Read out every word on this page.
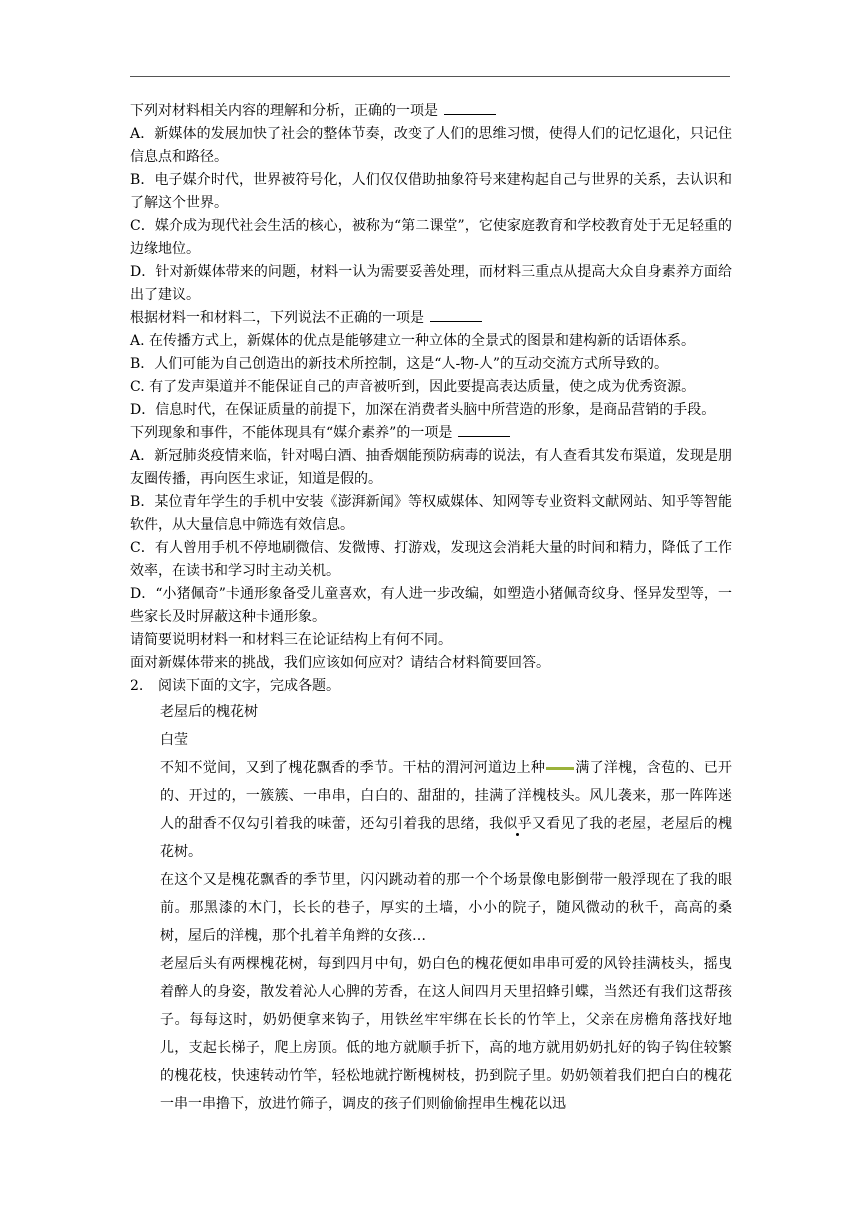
下列对材料相关内容的理解和分析，正确的一项是

A．新媒体的发展加快了社会的整体节奏，改变了人们的思维习惯，使得人们的记忆退化，只记住信息点和路径。

B．电子媒介时代，世界被符号化，人们仅仅借助抽象符号来建构起自己与世界的关系，去认识和了解这个世界。

C．媒介成为现代社会生活的核心，被称为“第二课堂”，它使家庭教育和学校教育处于无足轻重的边缘地位。

D．针对新媒体带来的问题，材料一认为需要妥善处理，而材料三重点从提高大众自身素养方面给出了建议。

根据材料一和材料二，下列说法不正确的一项是

A. 在传播方式上，新媒体的优点是能够建立一种立体的全景式的图景和建构新的话语体系。

B．人们可能为自己创造出的新技术所控制，这是“人-物-人”的互动交流方式所导致的。

C. 有了发声渠道并不能保证自己的声音被听到，因此要提高表达质量，使之成为优秀资源。

D．信息时代，在保证质量的前提下，加深在消费者头脑中所营造的形象，是商品营销的手段。

下列现象和事件，不能体现具有“媒介素养”的一项是

A．新冠肺炎疫情来临，针对喝白酒、抽香烟能预防病毒的说法，有人查看其发布渠道，发现是朋友圈传播，再向医生求证，知道是假的。

B．某位青年学生的手机中安装《澎湃新闻》等权威媒体、知网等专业资料文献网站、知乎等智能软件，从大量信息中筛选有效信息。

C．有人曾用手机不停地刷微信、发微博、打游戏，发现这会消耗大量的时间和精力，降低了工作效率，在读书和学习时主动关机。

D．“小猪佩奇”卡通形象备受儿童喜欢，有人进一步改编，如塑造小猪佩奇纹身、怪异发型等，一些家长及时屏蔽这种卡通形象。

请简要说明材料一和材料三在论证结构上有何不同。

面对新媒体带来的挑战，我们应该如何应对？请结合材料简要回答。

2. 阅读下面的文字，完成各题。

老屋后的槐花树

白莹

不知不觉间，又到了槐花飘香的季节。干枯的渭河河道边上种 满了洋槐，含苞的、已开的、开过的，一簇簇、一串串，白白的、甜甜的，挂满了洋槐枝头。风儿袭来，那一阵阵迷人的甜香不仅勾引着我的味蕾，还勾引着我的思绪，我似乎又看见了我的老屋，老屋后的槐花树。

在这个又是槐花飘香的季节里，闪闪跳动着的那一个个场景像电影倒带一般浮现在了我的眼前。那黑漆的木门，长长的巷子，厚实的土墙，小小的院子，随风微动的秋千，高高的桑树，屋后的洋槐，那个扎着羊角辫的女孩…

老屋后头有两棵槐花树，每到四月中旬，奶白色的槐花便如串串可爱的风铃挂满枝头，摇曳着醉人的身姿，散发着沁人心脾的芳香，在这人间四月天里招蜂引蝶，当然还有我们这帮孩子。每每这时，奶奶便拿来钩子，用铁丝牢牢绑在长长的竹竿上，父亲在房檐角落找好地儿，支起长梯子，爬上房顶。低的地方就顺手折下，高的地方就用奶奶扎好的钩子钩住较繁的槐花枝，快速转动竹竿，轻松地就拧断槐树枝，扔到院子里。奶奶领着我们把白白的槐花一串一串撸下，放进竹筛子，调皮的孩子们则偷偷捏串生槐花以迅
